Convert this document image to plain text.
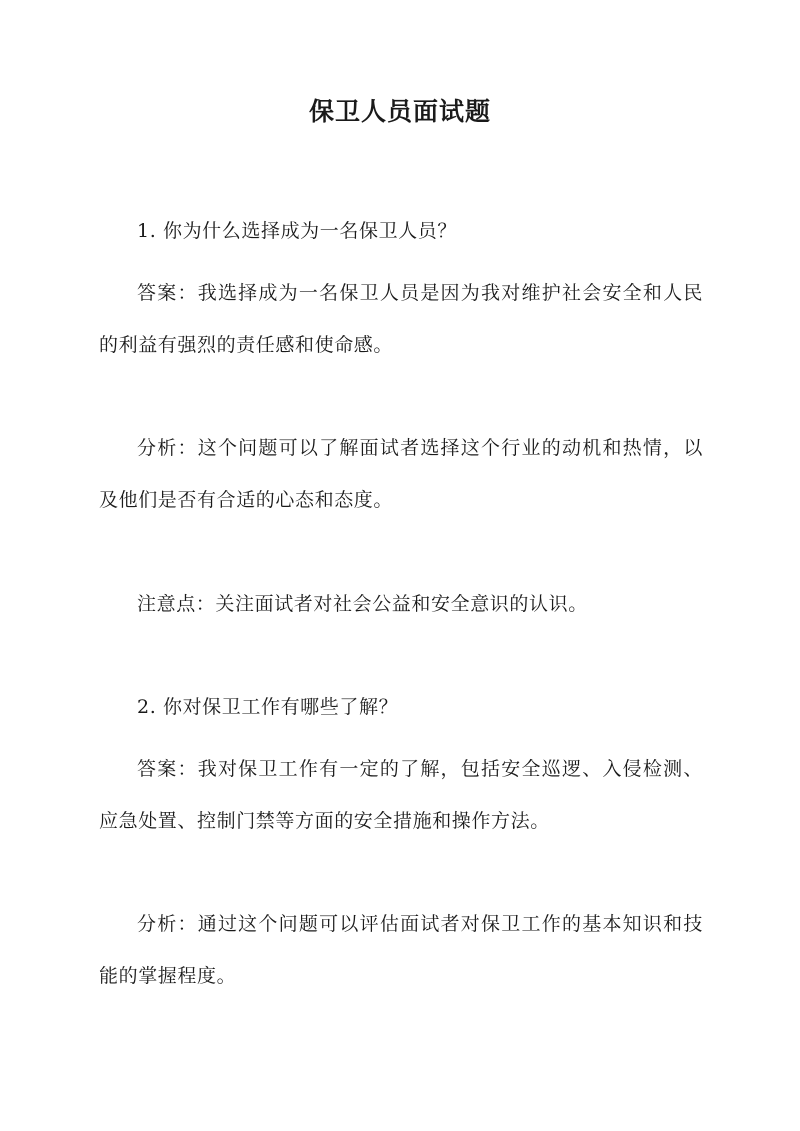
保卫人员面试题

1. 你为什么选择成为一名保卫人员？

答案：我选择成为一名保卫人员是因为我对维护社会安全和人民的利益有强烈的责任感和使命感。

分析：这个问题可以了解面试者选择这个行业的动机和热情，以及他们是否有合适的心态和态度。

注意点：关注面试者对社会公益和安全意识的认识。

2. 你对保卫工作有哪些了解？

答案：我对保卫工作有一定的了解，包括安全巡逻、入侵检测、应急处置、控制门禁等方面的安全措施和操作方法。

分析：通过这个问题可以评估面试者对保卫工作的基本知识和技能的掌握程度。
